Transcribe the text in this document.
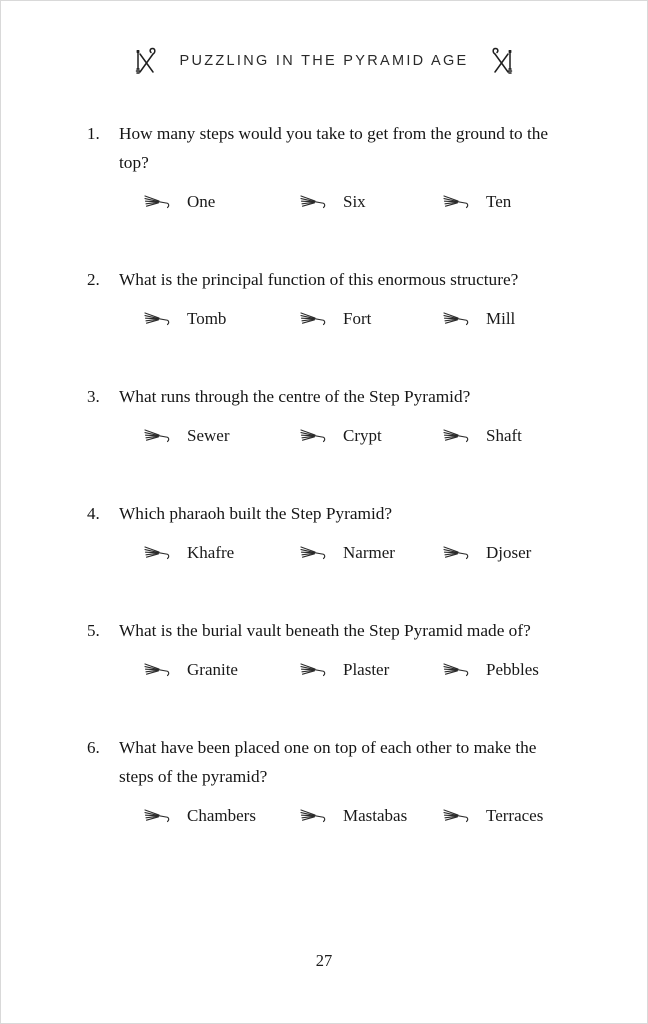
PUZZLING IN THE PYRAMID AGE
1.	How many steps would you take to get from the ground to the top?
One	Six	Ten
2.	What is the principal function of this enormous structure?
Tomb	Fort	Mill
3.	What runs through the centre of the Step Pyramid?
Sewer	Crypt	Shaft
4.	Which pharaoh built the Step Pyramid?
Khafre	Narmer	Djoser
5.	What is the burial vault beneath the Step Pyramid made of?
Granite	Plaster	Pebbles
6.	What have been placed one on top of each other to make the steps of the pyramid?
Chambers	Mastabas	Terraces
27
